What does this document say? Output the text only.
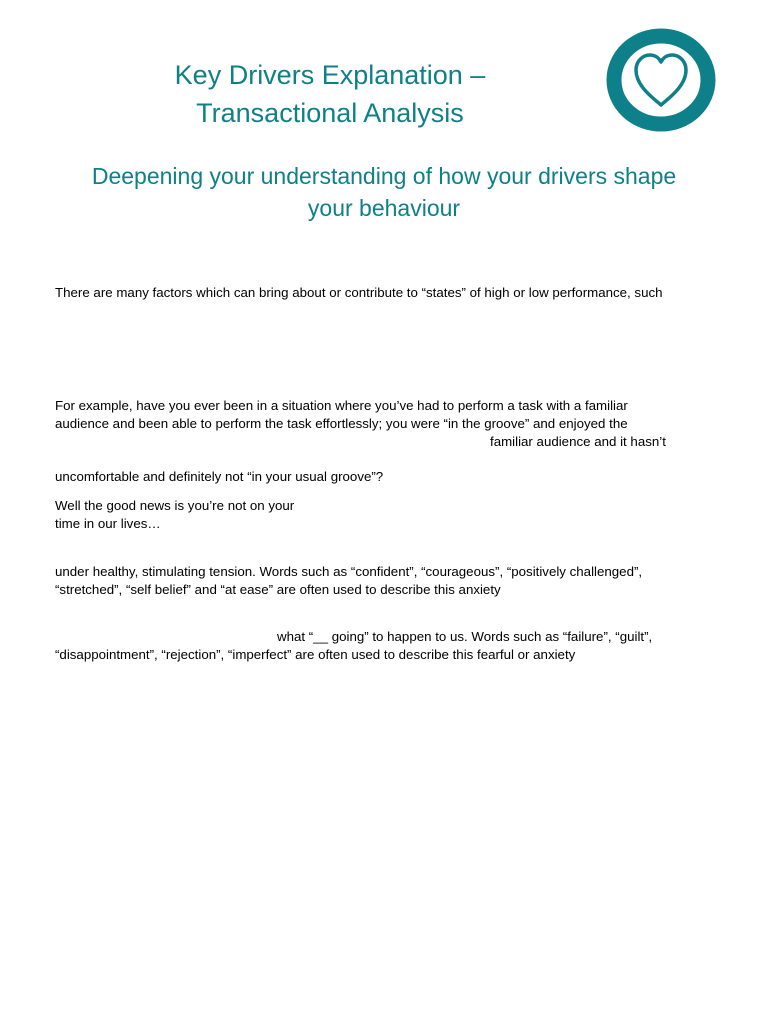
Key Drivers Explanation –
Transactional Analysis
Deepening your understanding of how your drivers shape
your behaviour

There are many factors which can bring about or contribute to “states” of high or low performance, such

For example, have you ever been in a situation where you’ve had to perform a task with a familiar
audience and been able to perform the task effortlessly; you were “in the groove” and enjoyed the
familiar audience and it hasn’t

uncomfortable and definitely not “in your usual groove”?

Well the good news is you’re not on your
time in our lives…

under healthy, stimulating tension. Words such as “confident”, “courageous”, “positively challenged”,
“stretched”, “self belief” and “at ease” are often used to describe this anxiety

what “__ going” to happen to us. Words such as “failure”, “guilt”,
“disappointment”, “rejection”, “imperfect” are often used to describe this fearful or anxiety
